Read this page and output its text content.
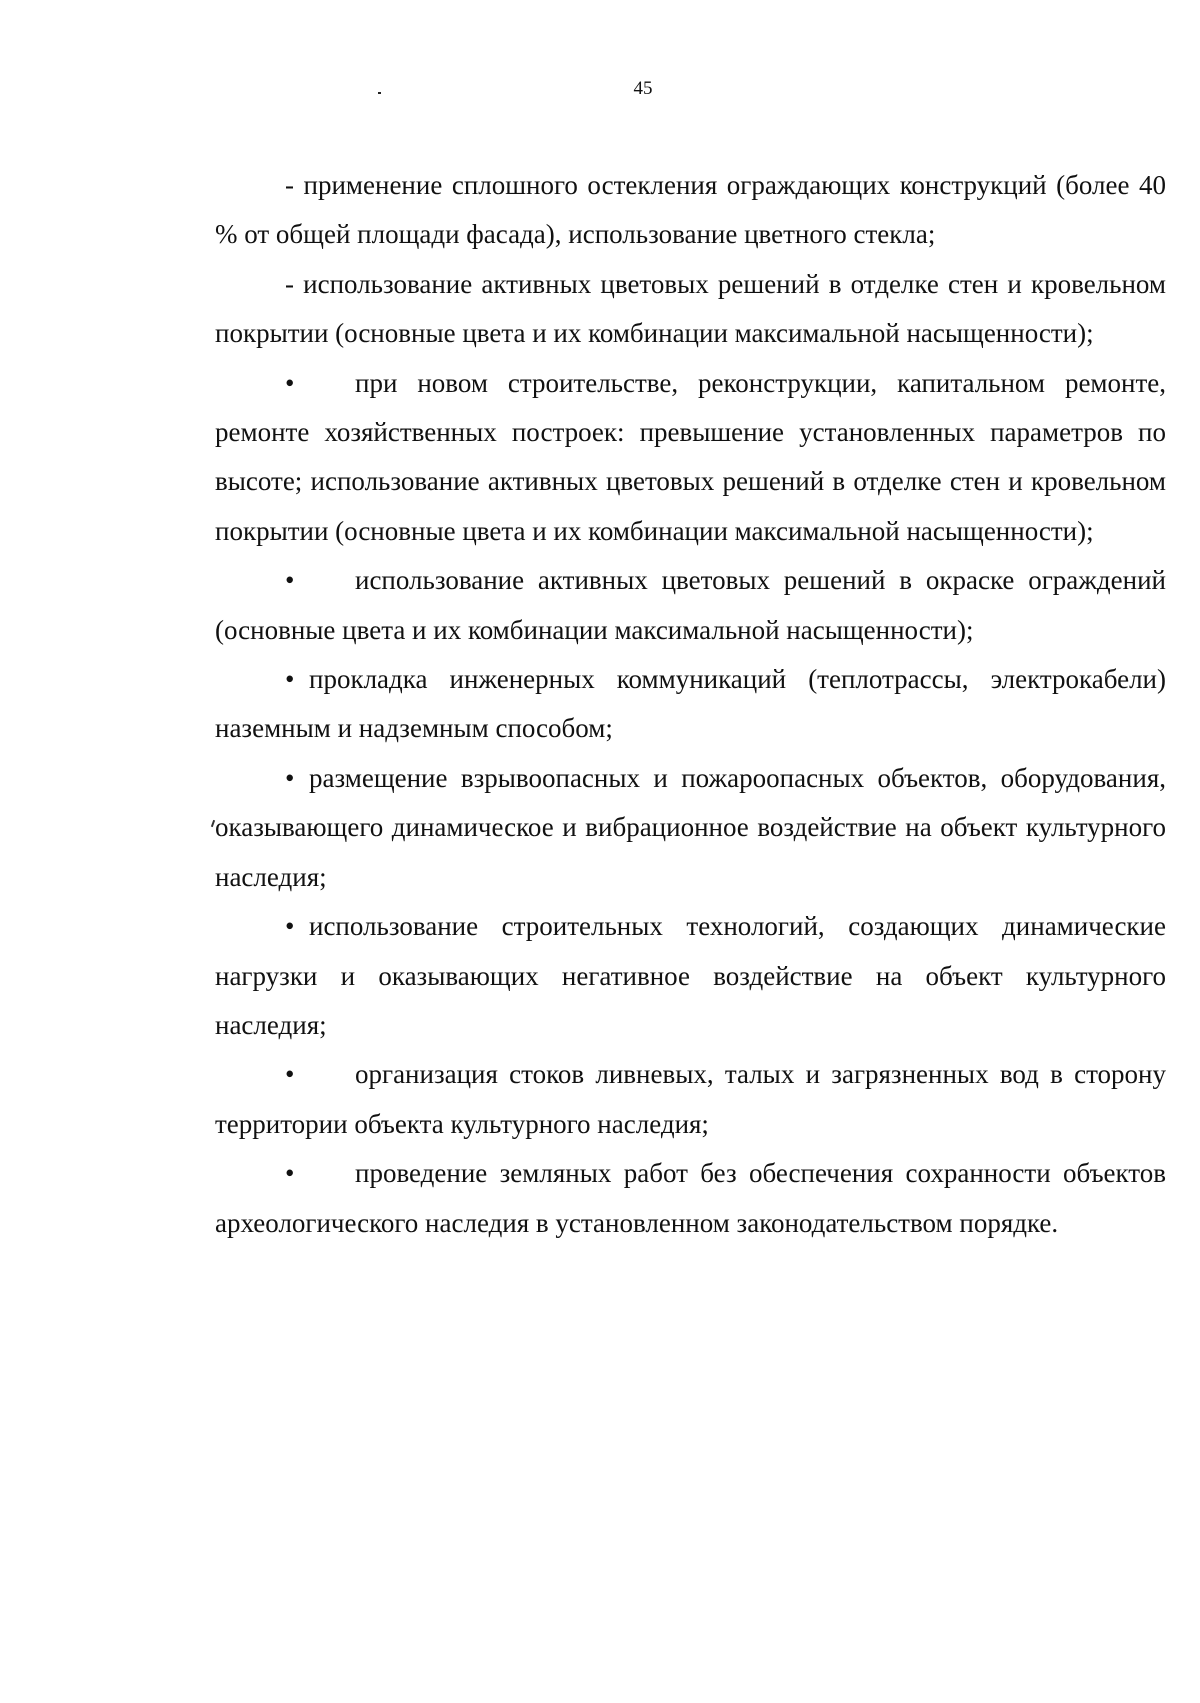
45

- применение сплошного остекления ограждающих конструкций (более 40 % от общей площади фасада), использование цветного стекла;

- использование активных цветовых решений в отделке стен и кровельном покрытии (основные цвета и их комбинации максимальной насыщенности);

• при новом строительстве, реконструкции, капитальном ремонте, ремонте хозяйственных построек: превышение установленных параметров по высоте; использование активных цветовых решений в отделке стен и кровельном покрытии (основные цвета и их комбинации максимальной насыщенности);

• использование активных цветовых решений в окраске ограждений (основные цвета и их комбинации максимальной насыщенности);

• прокладка инженерных коммуникаций (теплотрассы, электрокабели) наземным и надземным способом;

• размещение взрывоопасных и пожароопасных объектов, оборудования, оказывающего динамическое и вибрационное воздействие на объект культурного наследия;

• использование строительных технологий, создающих динамические нагрузки и оказывающих негативное воздействие на объект культурного наследия;

• организация стоков ливневых, талых и загрязненных вод в сторону территории объекта культурного наследия;

• проведение земляных работ без обеспечения сохранности объектов археологического наследия в установленном законодательством порядке.
